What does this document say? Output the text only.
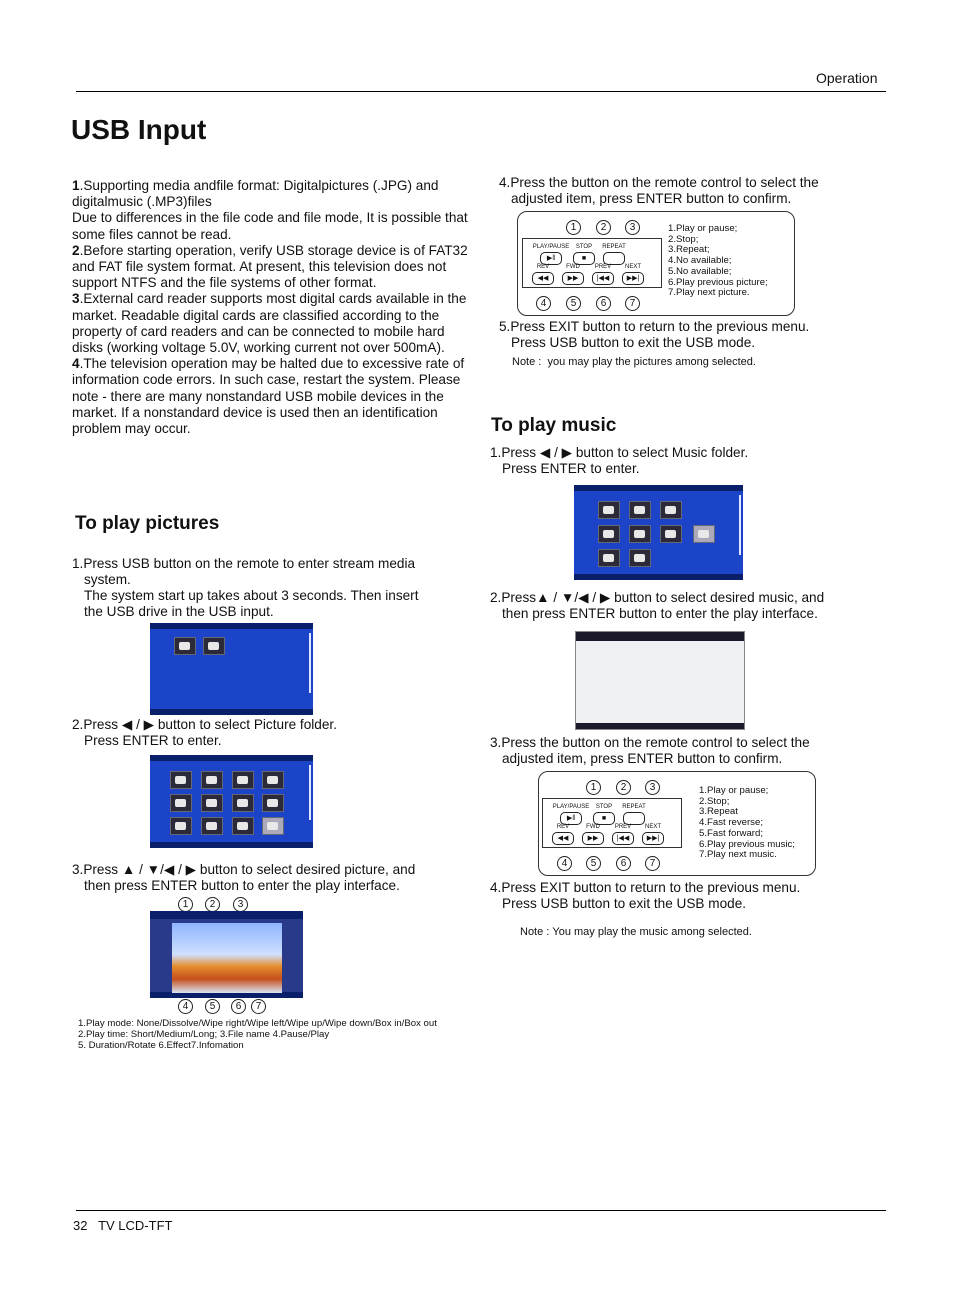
Operation
USB Input
1.Supporting media andfile format: Digitalpictures (.JPG) and digitalmusic (.MP3)files
Due to differences in the file code and file mode, It is possible that some files cannot be read.
2.Before starting operation, verify USB storage device is of FAT32 and FAT file system format. At present, this television does not support NTFS and the file systems of other format.
3.External card reader supports most digital cards available in the market. Readable digital cards are classified according to the property of card readers and can be connected to mobile hard disks (working voltage 5.0V, working current not over 500mA).
4.The television operation may be halted due to excessive rate of information code errors. In such case, restart the system. Please note - there are many nonstandard USB mobile devices in the market. If a nonstandard device is used then an identification problem may occur.
To play pictures
1.Press USB button on the remote to enter stream media
system.
The system start up takes about 3 seconds. Then insert
the USB drive in the USB input.
2.Press ◀ / ▶ button to select Picture folder.
Press ENTER to enter.
3.Press ▲ / ▼/◀ / ▶ button to select desired picture, and
then press ENTER button to enter the play interface.
1	2	3
4	5	6	7
1.Play mode: None/Dissolve/Wipe right/Wipe left/Wipe up/Wipe down/Box in/Box out
2.Play time: Short/Medium/Long; 3.File name 4.Pause/Play
5. Duration/Rotate 6.Effect7.Infomation
4.Press the button on the remote control to select the
adjusted item, press ENTER button to confirm.
1	2	3
PLAY/PAUSE	STOP	REPEAT
▶‖	■
REV	FWD	PREV	NEXT
◀◀	▶▶	|◀◀	▶▶|
4	5	6	7
1.Play or pause;
2.Stop;
3.Repeat;
4.No available;
5.No available;
6.Play previous picture;
7.Play next picture.
5.Press EXIT button to return to the previous menu.
Press USB button to exit the USB mode.
Note :  you may play the pictures among selected.
To play music
1.Press ◀ / ▶ button to select Music folder.
Press ENTER to enter.
2.Press▲ / ▼/◀ / ▶ button to select desired music, and
then press ENTER button to enter the play interface.
3.Press the button on the remote control to select the
adjusted item, press ENTER button to confirm.
1	2	3
PLAY/PAUSE	STOP	REPEAT
▶‖	■
REV	FWD	PREV	NEXT
◀◀	▶▶	|◀◀	▶▶|
4	5	6	7
1.Play or pause;
2.Stop;
3.Repeat
4.Fast reverse;
5.Fast forward;
6.Play previous music;
7.Play next music.
4.Press EXIT button to return to the previous menu.
Press USB button to exit the USB mode.
Note : You may play the music among selected.
32 TV LCD-TFT
